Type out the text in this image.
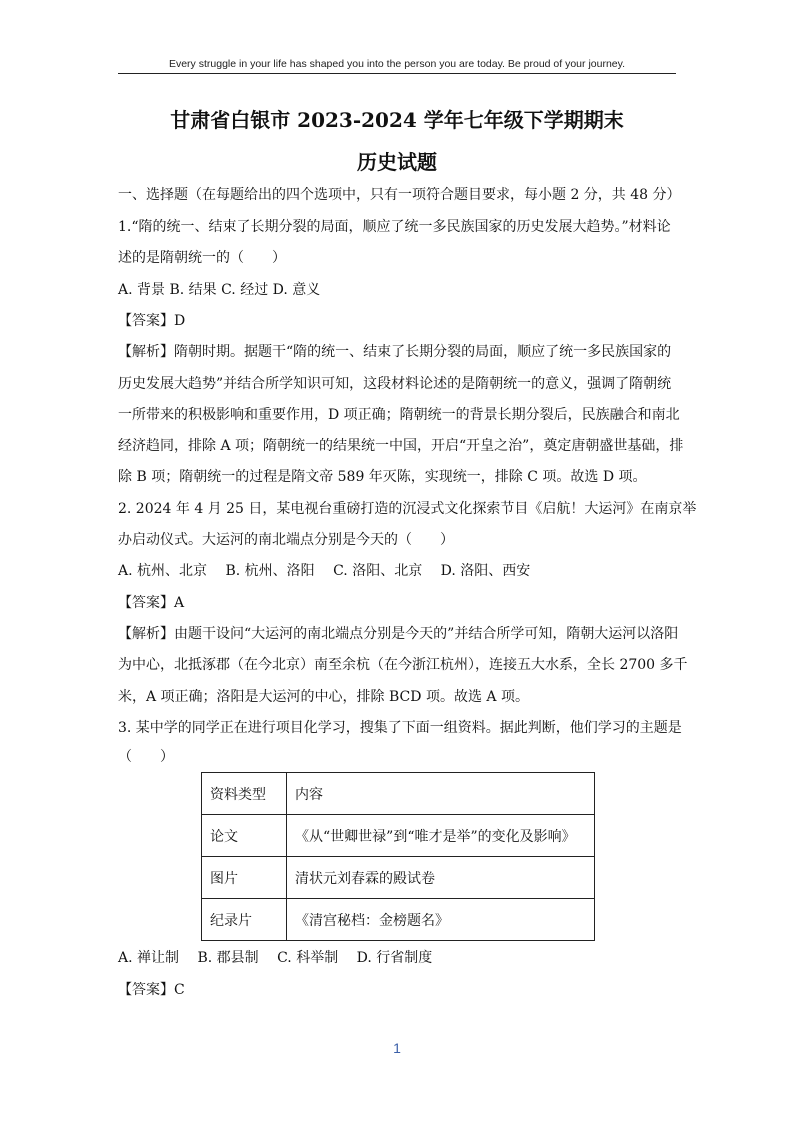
Every struggle in your life has shaped you into the person you are today. Be proud of your journey.
甘肃省白银市 2023-2024 学年七年级下学期期末
历史试题
一、选择题（在每题给出的四个选项中，只有一项符合题目要求，每小题 2 分，共 48 分）
1.“隋的统一、结束了长期分裂的局面，顺应了统一多民族国家的历史发展大趋势。”材料论
述的是隋朝统一的（　　）
A. 背景 B. 结果 C. 经过 D. 意义
【答案】D
【解析】隋朝时期。据题干“隋的统一、结束了长期分裂的局面，顺应了统一多民族国家的
历史发展大趋势”并结合所学知识可知，这段材料论述的是隋朝统一的意义，强调了隋朝统
一所带来的积极影响和重要作用，D 项正确；隋朝统一的背景长期分裂后，民族融合和南北
经济趋同，排除 A 项；隋朝统一的结果统一中国，开启“开皇之治”，奠定唐朝盛世基础，排
除 B 项；隋朝统一的过程是隋文帝 589 年灭陈，实现统一，排除 C 项。故选 D 项。
2. 2024 年 4 月 25 日，某电视台重磅打造的沉浸式文化探索节目《启航！大运河》在南京举
办启动仪式。大运河的南北端点分别是今天的（　　）
A. 杭州、北京　 B. 杭州、洛阳　 C. 洛阳、北京　 D. 洛阳、西安
【答案】A
【解析】由题干设问“大运河的南北端点分别是今天的”并结合所学可知，隋朝大运河以洛阳
为中心，北抵涿郡（在今北京）南至余杭（在今浙江杭州），连接五大水系，全长 2700 多千
米，A 项正确；洛阳是大运河的中心，排除 BCD 项。故选 A 项。
3. 某中学的同学正在进行项目化学习，搜集了下面一组资料。据此判断，他们学习的主题是
（　　）
资料类型	内容
论文	《从“世卿世禄”到“唯才是举”的变化及影响》
图片	清状元刘春霖的殿试卷
纪录片	《清宫秘档：金榜题名》
A. 禅让制　 B. 郡县制　 C. 科举制　 D. 行省制度
【答案】C
1
